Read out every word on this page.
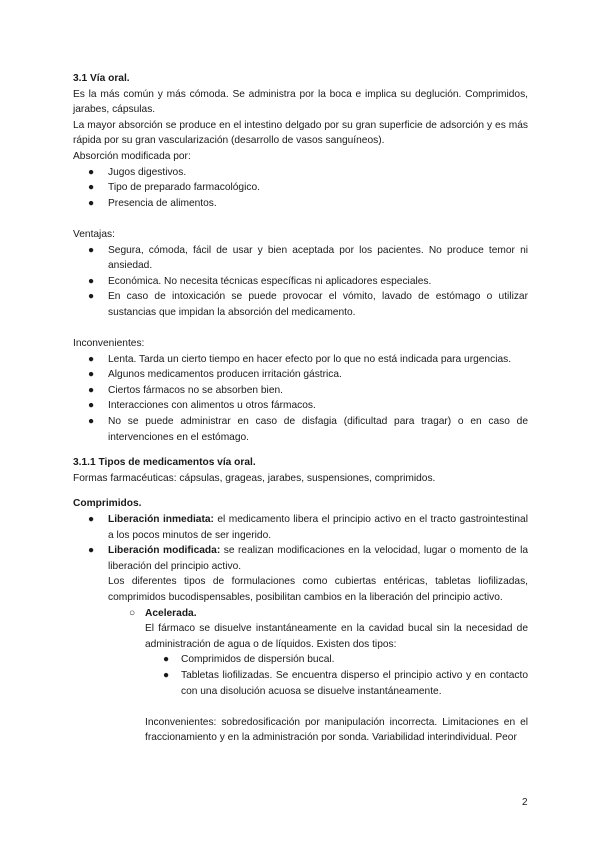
3.1 Vía oral.

Es la más común y más cómoda. Se administra por la boca e implica su deglución. Comprimidos, jarabes, cápsulas.

La mayor absorción se produce en el intestino delgado por su gran superficie de adsorción y es más rápida por su gran vascularización (desarrollo de vasos sanguíneos).

Absorción modificada por:

● Jugos digestivos.
● Tipo de preparado farmacológico.
● Presencia de alimentos.

Ventajas:

● Segura, cómoda, fácil de usar y bien aceptada por los pacientes. No produce temor ni ansiedad.
● Económica. No necesita técnicas específicas ni aplicadores especiales.
● En caso de intoxicación se puede provocar el vómito, lavado de estómago o utilizar sustancias que impidan la absorción del medicamento.

Inconvenientes:

● Lenta. Tarda un cierto tiempo en hacer efecto por lo que no está indicada para urgencias.
● Algunos medicamentos producen irritación gástrica.
● Ciertos fármacos no se absorben bien.
● Interacciones con alimentos u otros fármacos.
● No se puede administrar en caso de disfagia (dificultad para tragar) o en caso de intervenciones en el estómago.

3.1.1 Tipos de medicamentos vía oral.

Formas farmacéuticas: cápsulas, grageas, jarabes, suspensiones, comprimidos.

Comprimidos.

● Liberación inmediata: el medicamento libera el principio activo en el tracto gastrointestinal a los pocos minutos de ser ingerido.
● Liberación modificada: se realizan modificaciones en la velocidad, lugar o momento de la liberación del principio activo.

Los diferentes tipos de formulaciones como cubiertas entéricas, tabletas liofilizadas, comprimidos bucodispensables, posibilitan cambios en la liberación del principio activo.

○ Acelerada.

El fármaco se disuelve instantáneamente en la cavidad bucal sin la necesidad de administración de agua o de líquidos. Existen dos tipos:

● Comprimidos de dispersión bucal.
● Tabletas liofilizadas. Se encuentra disperso el principio activo y en contacto con una disolución acuosa se disuelve instantáneamente.

Inconvenientes: sobredosificación por manipulación incorrecta. Limitaciones en el fraccionamiento y en la administración por sonda. Variabilidad interindividual. Peor

2
